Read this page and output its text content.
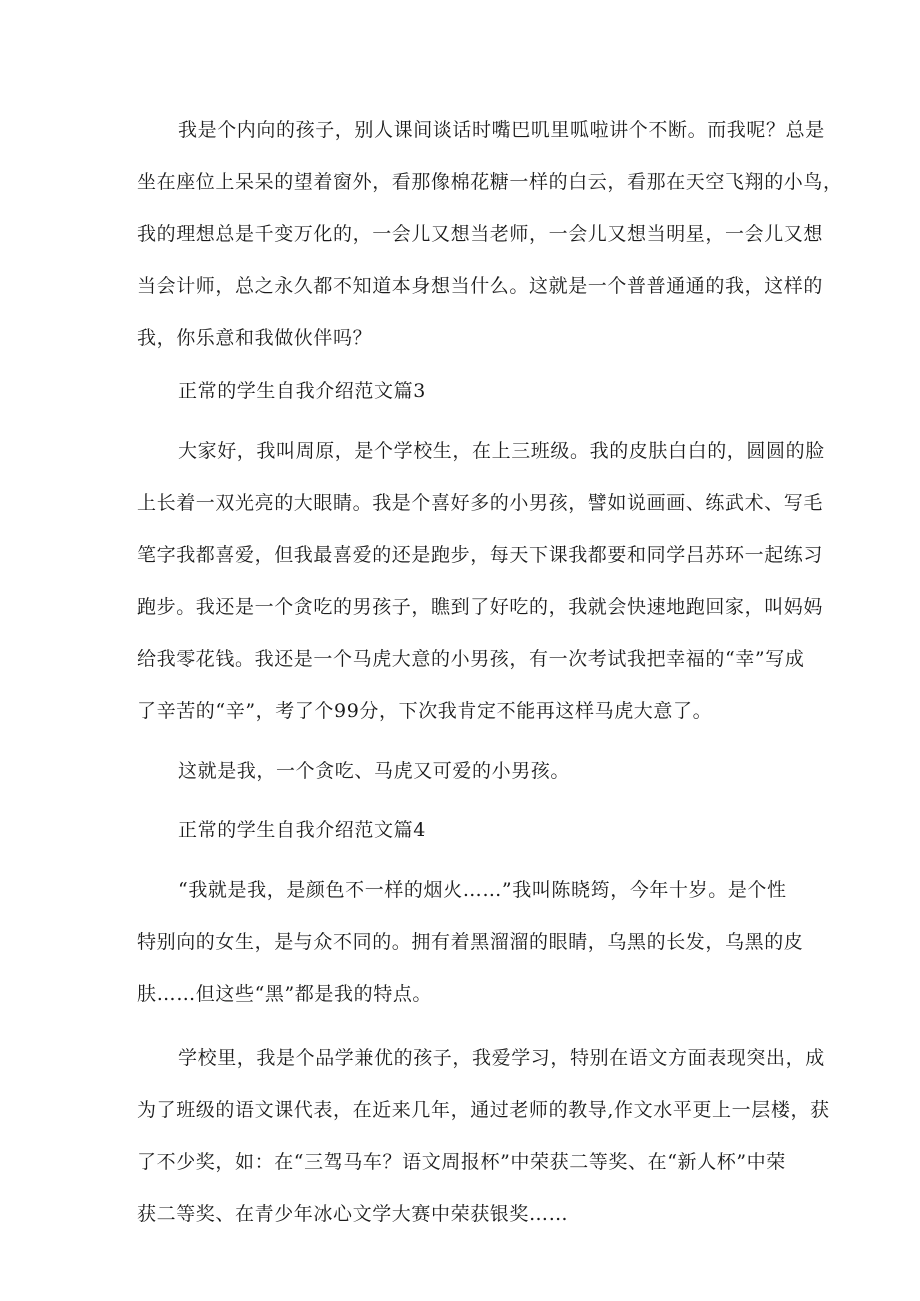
我是个内向的孩子，别人课间谈话时嘴巴叽里呱啦讲个不断。而我呢？总是

坐在座位上呆呆的望着窗外，看那像棉花糖一样的白云，看那在天空飞翔的小鸟，

我的理想总是千变万化的，一会儿又想当老师，一会儿又想当明星，一会儿又想

当会计师，总之永久都不知道本身想当什么。这就是一个普普通通的我，这样的

我，你乐意和我做伙伴吗？

正常的学生自我介绍范文篇3

大家好，我叫周原，是个学校生，在上三班级。我的皮肤白白的，圆圆的脸

上长着一双光亮的大眼睛。我是个喜好多的小男孩，譬如说画画、练武术、写毛

笔字我都喜爱，但我最喜爱的还是跑步，每天下课我都要和同学吕苏环一起练习

跑步。我还是一个贪吃的男孩子，瞧到了好吃的，我就会快速地跑回家，叫妈妈

给我零花钱。我还是一个马虎大意的小男孩，有一次考试我把幸福的“幸”写成

了辛苦的“辛”，考了个99分，下次我肯定不能再这样马虎大意了。

这就是我，一个贪吃、马虎又可爱的小男孩。

正常的学生自我介绍范文篇4

“我就是我，是颜色不一样的烟火……”我叫陈晓筠，今年十岁。是个性

特别向的女生，是与众不同的。拥有着黑溜溜的眼睛，乌黑的长发，乌黑的皮

肤……但这些“黑”都是我的特点。

学校里，我是个品学兼优的孩子，我爱学习，特别在语文方面表现突出，成

为了班级的语文课代表，在近来几年，通过老师的教导,作文水平更上一层楼，获

了不少奖，如：在“三驾马车？语文周报杯”中荣获二等奖、在“新人杯”中荣

获二等奖、在青少年冰心文学大赛中荣获银奖……
